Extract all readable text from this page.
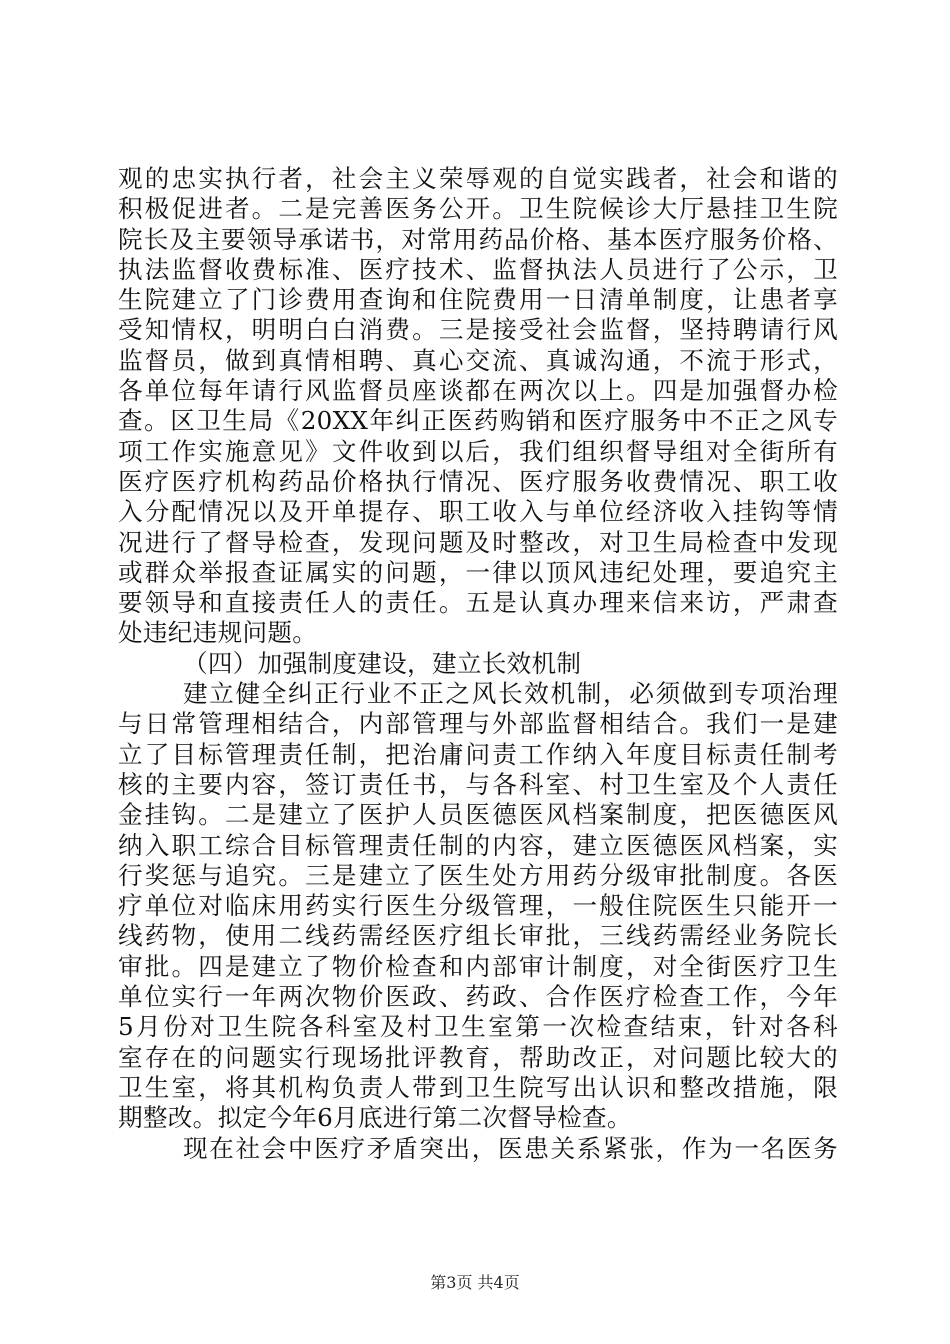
观的忠实执行者，社会主义荣辱观的自觉实践者，社会和谐的
积极促进者。二是完善医务公开。卫生院候诊大厅悬挂卫生院
院长及主要领导承诺书，对常用药品价格、基本医疗服务价格、
执法监督收费标准、医疗技术、监督执法人员进行了公示，卫
生院建立了门诊费用查询和住院费用一日清单制度，让患者享
受知情权，明明白白消费。三是接受社会监督，坚持聘请行风
监督员，做到真情相聘、真心交流、真诚沟通，不流于形式，
各单位每年请行风监督员座谈都在两次以上。四是加强督办检
查。区卫生局《20XX年纠正医药购销和医疗服务中不正之风专
项工作实施意见》文件收到以后，我们组织督导组对全街所有
医疗医疗机构药品价格执行情况、医疗服务收费情况、职工收
入分配情况以及开单提存、职工收入与单位经济收入挂钩等情
况进行了督导检查，发现问题及时整改，对卫生局检查中发现
或群众举报查证属实的问题，一律以顶风违纪处理，要追究主
要领导和直接责任人的责任。五是认真办理来信来访，严肃查
处违纪违规问题。
（四）加强制度建设，建立长效机制
建立健全纠正行业不正之风长效机制，必须做到专项治理
与日常管理相结合，内部管理与外部监督相结合。我们一是建
立了目标管理责任制，把治庸问责工作纳入年度目标责任制考
核的主要内容，签订责任书，与各科室、村卫生室及个人责任
金挂钩。二是建立了医护人员医德医风档案制度，把医德医风
纳入职工综合目标管理责任制的内容，建立医德医风档案，实
行奖惩与追究。三是建立了医生处方用药分级审批制度。各医
疗单位对临床用药实行医生分级管理，一般住院医生只能开一
线药物，使用二线药需经医疗组长审批，三线药需经业务院长
审批。四是建立了物价检查和内部审计制度，对全街医疗卫生
单位实行一年两次物价医政、药政、合作医疗检查工作，今年
5月份对卫生院各科室及村卫生室第一次检查结束，针对各科
室存在的问题实行现场批评教育，帮助改正，对问题比较大的
卫生室，将其机构负责人带到卫生院写出认识和整改措施，限
期整改。拟定今年6月底进行第二次督导检查。
现在社会中医疗矛盾突出，医患关系紧张，作为一名医务
第3页 共4页
